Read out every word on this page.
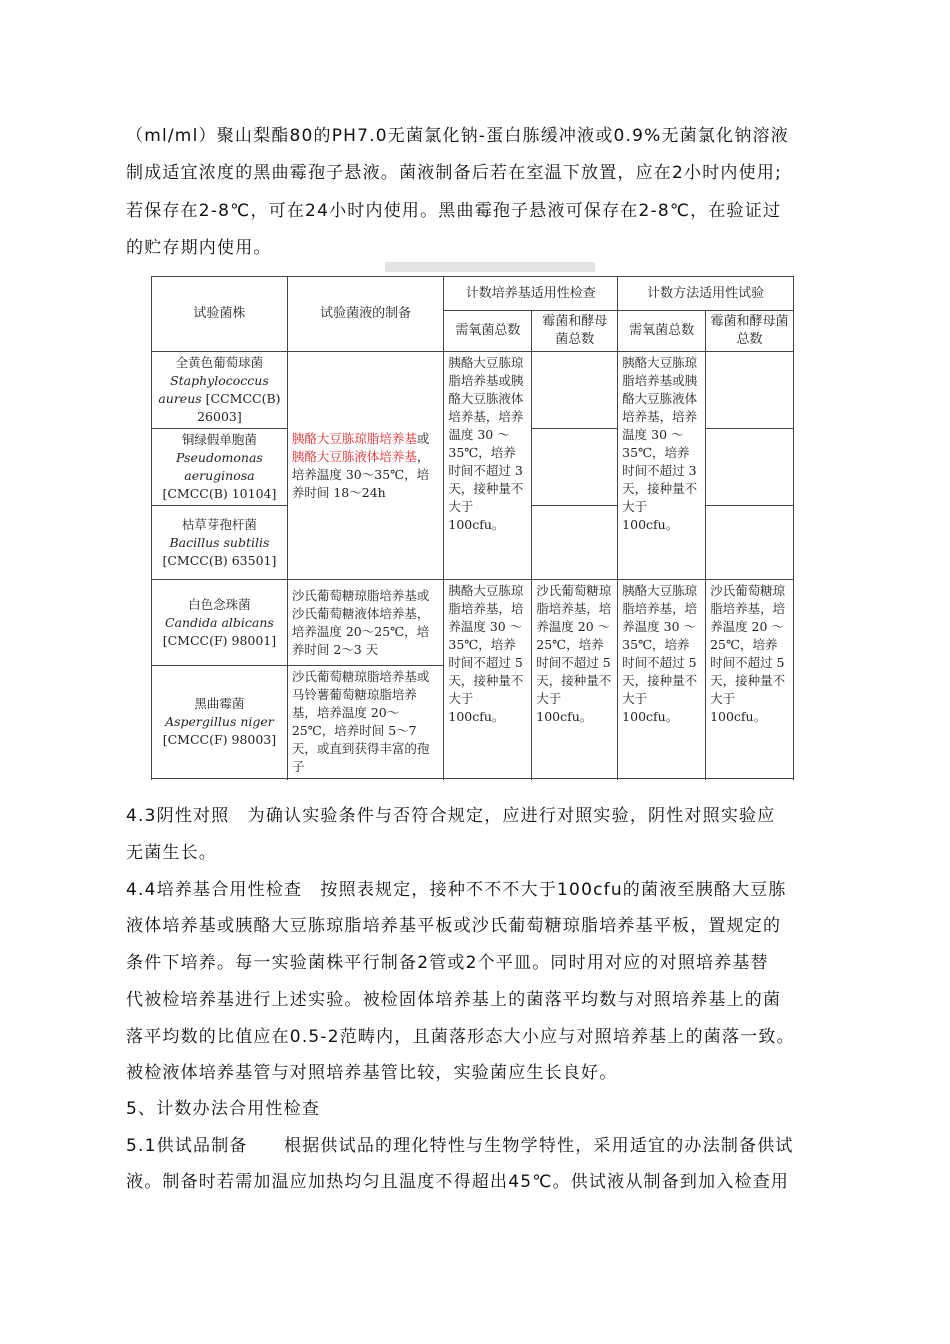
（ml/ml）聚山梨酯80的PH7.0无菌氯化钠-蛋白胨缓冲液或0.9%无菌氯化钠溶液
制成适宜浓度的黑曲霉孢子悬液。菌液制备后若在室温下放置，应在2小时内使用;
若保存在2-8℃，可在24小时内使用。黑曲霉孢子悬液可保存在2-8℃，在验证过
的贮存期内使用。
试验菌株	试验菌液的制备	计数培养基适用性检查		计数方法适用性试验	
		需氧菌总数	霉菌和酵母菌总数	需氧菌总数	霉菌和酵母菌总数

全黄色葡萄球菌
Staphylococcus
aureus [CCMCC(B)
26003]	胰酪大豆胨琼脂培养基或胰酪大豆胨液体培养基，培养温度 30～35℃，培养时间 18～24h	胰酪大豆胨琼脂培养基或胰酪大豆胨液体培养基，培养温度 30 ～ 35℃，培养时间不超过 3 天，接种量不大于 100cfu。		胰酪大豆胨琼脂培养基或胰酪大豆胨液体培养基，培养温度 30 ～ 35℃，培养时间不超过 3 天，接种量不大于 100cfu。	

铜绿假单胞菌
Pseudomonas
aeruginosa
[CMCC(B) 10104]					

枯草芽孢杆菌
Bacillus subtilis
[CMCC(B) 63501]					

白色念珠菌
Candida albicans
[CMCC(F) 98001]	沙氏葡萄糖琼脂培养基或沙氏葡萄糖液体培养基，培养温度 20～25℃，培养时间 2～3 天	胰酪大豆胨琼脂培养基，培养温度 30 ～ 35℃，培养时间不超过 5 天，接种量不大于 100cfu。	沙氏葡萄糖琼脂培养基，培养温度 20 ～ 25℃，培养时间不超过 5 天，接种量不大于 100cfu。	胰酪大豆胨琼脂培养基，培养温度 30 ～ 35℃，培养时间不超过 5 天，接种量不大于 100cfu。	沙氏葡萄糖琼脂培养基，培养温度 20 ～ 25℃，培养时间不超过 5 天，接种量不大于 100cfu。

黑曲霉菌
Aspergillus niger
[CMCC(F) 98003]	沙氏葡萄糖琼脂培养基或马铃薯葡萄糖琼脂培养基，培养温度 20～25℃，培养时间 5～7天，或直到获得丰富的孢子				

4.3阴性对照　为确认实验条件与否符合规定，应进行对照实验，阴性对照实验应
无菌生长。
4.4培养基合用性检查　按照表规定，接种不不不大于100cfu的菌液至胰酪大豆胨
液体培养基或胰酪大豆胨琼脂培养基平板或沙氏葡萄糖琼脂培养基平板，置规定的
条件下培养。每一实验菌株平行制备2管或2个平皿。同时用对应的对照培养基替
代被检培养基进行上述实验。被检固体培养基上的菌落平均数与对照培养基上的菌
落平均数的比值应在0.5-2范畴内，且菌落形态大小应与对照培养基上的菌落一致。
被检液体培养基管与对照培养基管比较，实验菌应生长良好。
5、计数办法合用性检查
5.1供试品制备　　根据供试品的理化特性与生物学特性，采用适宜的办法制备供试
液。制备时若需加温应加热均匀且温度不得超出45℃。供试液从制备到加入检查用
